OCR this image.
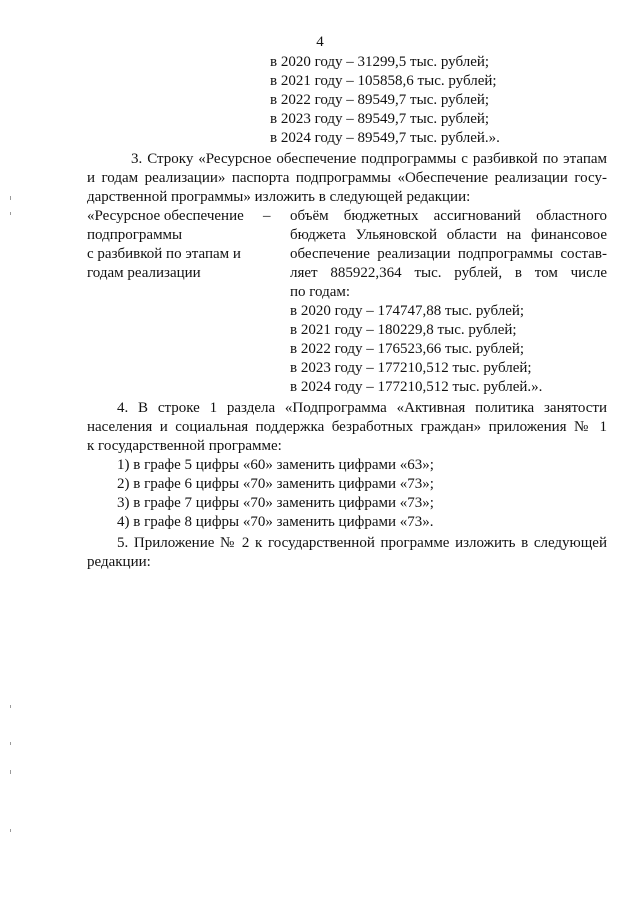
4
в 2020 году – 31299,5 тыс. рублей;
в 2021 году – 105858,6 тыс. рублей;
в 2022 году – 89549,7 тыс. рублей;
в 2023 году – 89549,7 тыс. рублей;
в 2024 году – 89549,7 тыс. рублей.».
3. Строку «Ресурсное обеспечение подпрограммы с разбивкой по этапам
и годам реализации» паспорта подпрограммы «Обеспечение реализации госу-
дарственной программы» изложить в следующей редакции:
«Ресурсное обеспечение
подпрограммы
с разбивкой по этапам и
годам реализации
– объём бюджетных ассигнований областного
бюджета Ульяновской области на финансовое
обеспечение реализации подпрограммы состав-
ляет 885922,364 тыс. рублей, в том числе
по годам:
в 2020 году – 174747,88 тыс. рублей;
в 2021 году – 180229,8 тыс. рублей;
в 2022 году – 176523,66 тыс. рублей;
в 2023 году – 177210,512 тыс. рублей;
в 2024 году – 177210,512 тыс. рублей.».
4. В строке 1 раздела «Подпрограмма «Активная политика занятости
населения и социальная поддержка безработных граждан» приложения № 1
к государственной программе:
1) в графе 5 цифры «60» заменить цифрами «63»;
2) в графе 6 цифры «70» заменить цифрами «73»;
3) в графе 7 цифры «70» заменить цифрами «73»;
4) в графе 8 цифры «70» заменить цифрами «73».
5. Приложение № 2 к государственной программе изложить в следующей
редакции:
